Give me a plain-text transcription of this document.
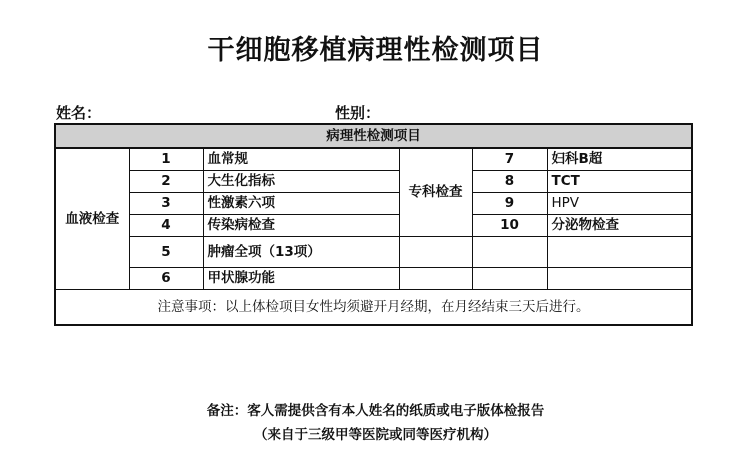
干细胞移植病理性检测项目
姓名：	性别：
病理性检测项目					
血液检查	1	血常规	专科检查	7	妇科B超
	2	大生化指标		8	TCT
	3	性激素六项		9	HPV
	4	传染病检查		10	分泌物检查
	5	肿瘤全项（13项）			
	6	甲状腺功能			
注意事项：以上体检项目女性均须避开月经期，在月经结束三天后进行。					
备注：客人需提供含有本人姓名的纸质或电子版体检报告
（来自于三级甲等医院或同等医疗机构）
